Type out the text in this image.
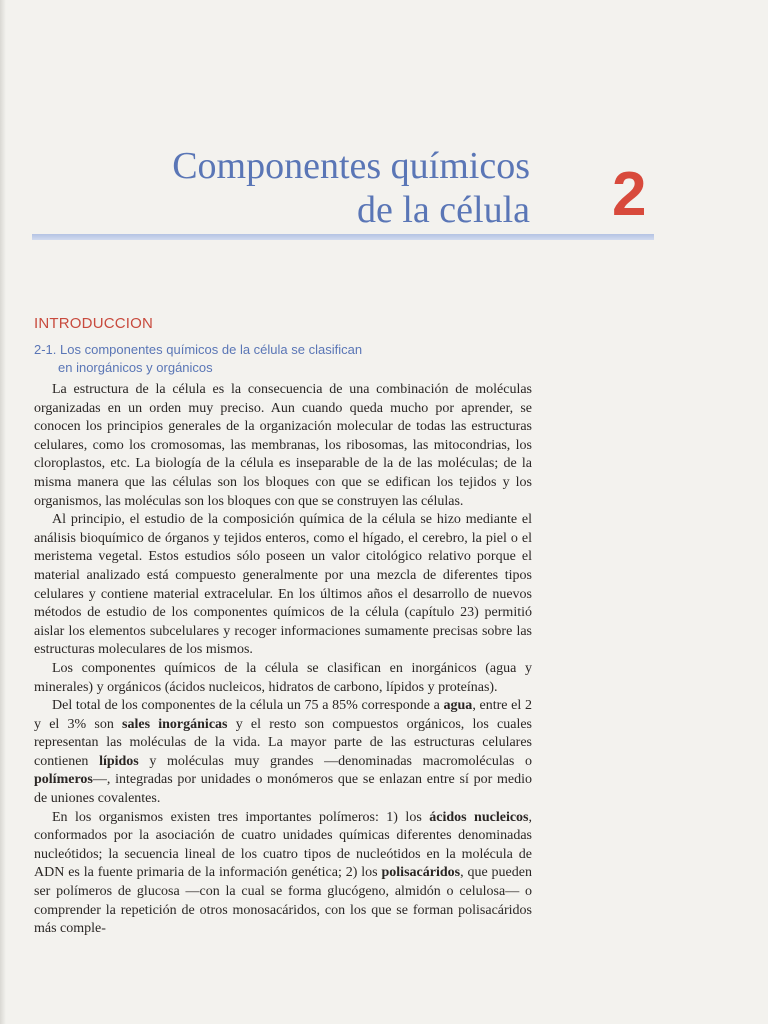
Componentes químicos
de la célula 2
INTRODUCCION
2-1. Los componentes químicos de la célula se clasifican
en inorgánicos y orgánicos

La estructura de la célula es la consecuencia de una combinación de moléculas organizadas en un orden muy preciso. Aun cuando queda mucho por aprender, se conocen los principios generales de la organización molecular de todas las estructuras celulares, como los cromosomas, las membranas, los ribosomas, las mitocondrias, los cloroplastos, etc. La biología de la célula es inseparable de la de las moléculas; de la misma manera que las células son los bloques con que se edifican los tejidos y los organismos, las moléculas son los bloques con que se construyen las células.

Al principio, el estudio de la composición química de la célula se hizo mediante el análisis bioquímico de órganos y tejidos enteros, como el hígado, el cerebro, la piel o el meristema vegetal. Estos estudios sólo poseen un valor citológico relativo porque el material analizado está compuesto generalmente por una mezcla de diferentes tipos celulares y contiene material extracelular. En los últimos años el desarrollo de nuevos métodos de estudio de los componentes químicos de la célula (capítulo 23) permitió aislar los elementos subcelulares y recoger informaciones sumamente precisas sobre las estructuras moleculares de los mismos.

Los componentes químicos de la célula se clasifican en inorgánicos (agua y minerales) y orgánicos (ácidos nucleicos, hidratos de carbono, lípidos y proteínas).

Del total de los componentes de la célula un 75 a 85% corresponde a agua, entre el 2 y el 3% son sales inorgánicas y el resto son compuestos orgánicos, los cuales representan las moléculas de la vida. La mayor parte de las estructuras celulares contienen lípidos y moléculas muy grandes —denominadas macromoléculas o polímeros—, integradas por unidades o monómeros que se enlazan entre sí por medio de uniones covalentes.

En los organismos existen tres importantes polímeros: 1) los ácidos nucleicos, conformados por la asociación de cuatro unidades químicas diferentes denominadas nucleótidos; la secuencia lineal de los cuatro tipos de nucleótidos en la molécula de ADN es la fuente primaria de la información genética; 2) los polisacáridos, que pueden ser polímeros de glucosa —con la cual se forma glucógeno, almidón o celulosa— o comprender la repetición de otros monosacáridos, con los que se forman polisacáridos más comple-
